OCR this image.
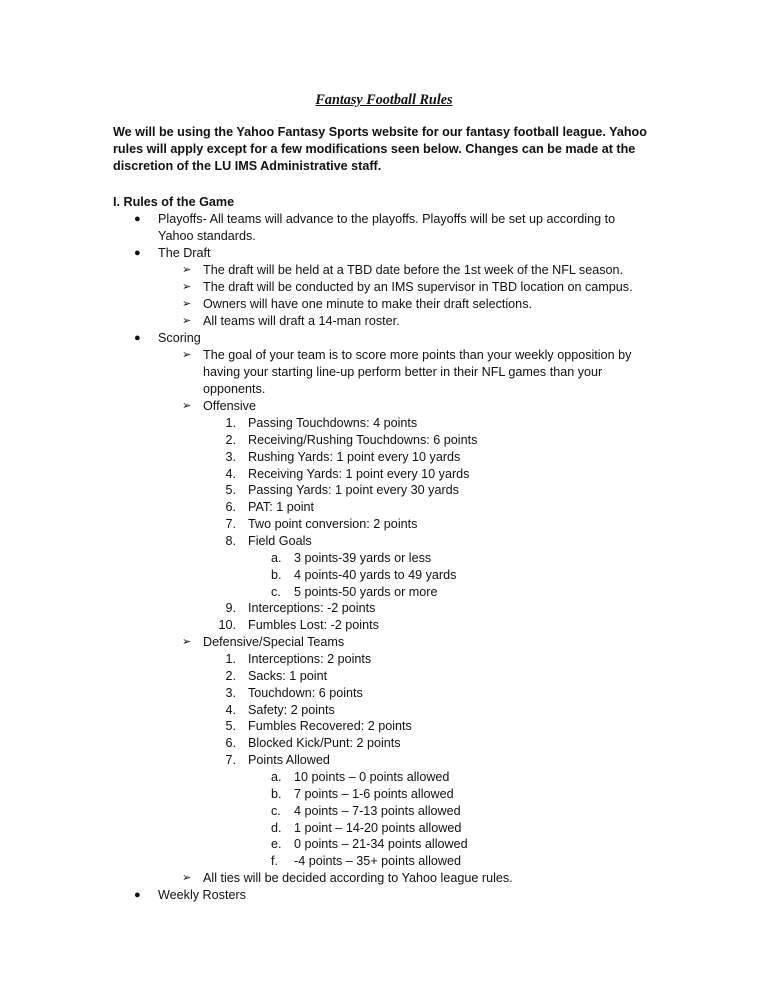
Fantasy Football Rules

We will be using the Yahoo Fantasy Sports website for our fantasy football league. Yahoo

rules will apply except for a few modifications seen below. Changes can be made at the

discretion of the LU IMS Administrative staff.

I. Rules of the Game
● Playoffs- All teams will advance to the playoffs. Playoffs will be set up according to
Yahoo standards.
● The Draft
➢ The draft will be held at a TBD date before the 1st week of the NFL season.
➢ The draft will be conducted by an IMS supervisor in TBD location on campus.
➢ Owners will have one minute to make their draft selections.
➢ All teams will draft a 14-man roster.
● Scoring
➢ The goal of your team is to score more points than your weekly opposition by
having your starting line-up perform better in their NFL games than your
opponents.
➢ Offensive
1. Passing Touchdowns: 4 points
2. Receiving/Rushing Touchdowns: 6 points
3. Rushing Yards: 1 point every 10 yards
4. Receiving Yards: 1 point every 10 yards
5. Passing Yards: 1 point every 30 yards
6. PAT: 1 point
7. Two point conversion: 2 points
8. Field Goals
a. 3 points-39 yards or less
b. 4 points-40 yards to 49 yards
c. 5 points-50 yards or more
9. Interceptions: -2 points
10. Fumbles Lost: -2 points
➢ Defensive/Special Teams
1. Interceptions: 2 points
2. Sacks: 1 point
3. Touchdown: 6 points
4. Safety: 2 points
5. Fumbles Recovered: 2 points
6. Blocked Kick/Punt: 2 points
7. Points Allowed
a. 10 points – 0 points allowed
b. 7 points – 1-6 points allowed
c. 4 points – 7-13 points allowed
d. 1 point – 14-20 points allowed
e. 0 points – 21-34 points allowed
f. -4 points – 35+ points allowed
➢ All ties will be decided according to Yahoo league rules.
● Weekly Rosters
